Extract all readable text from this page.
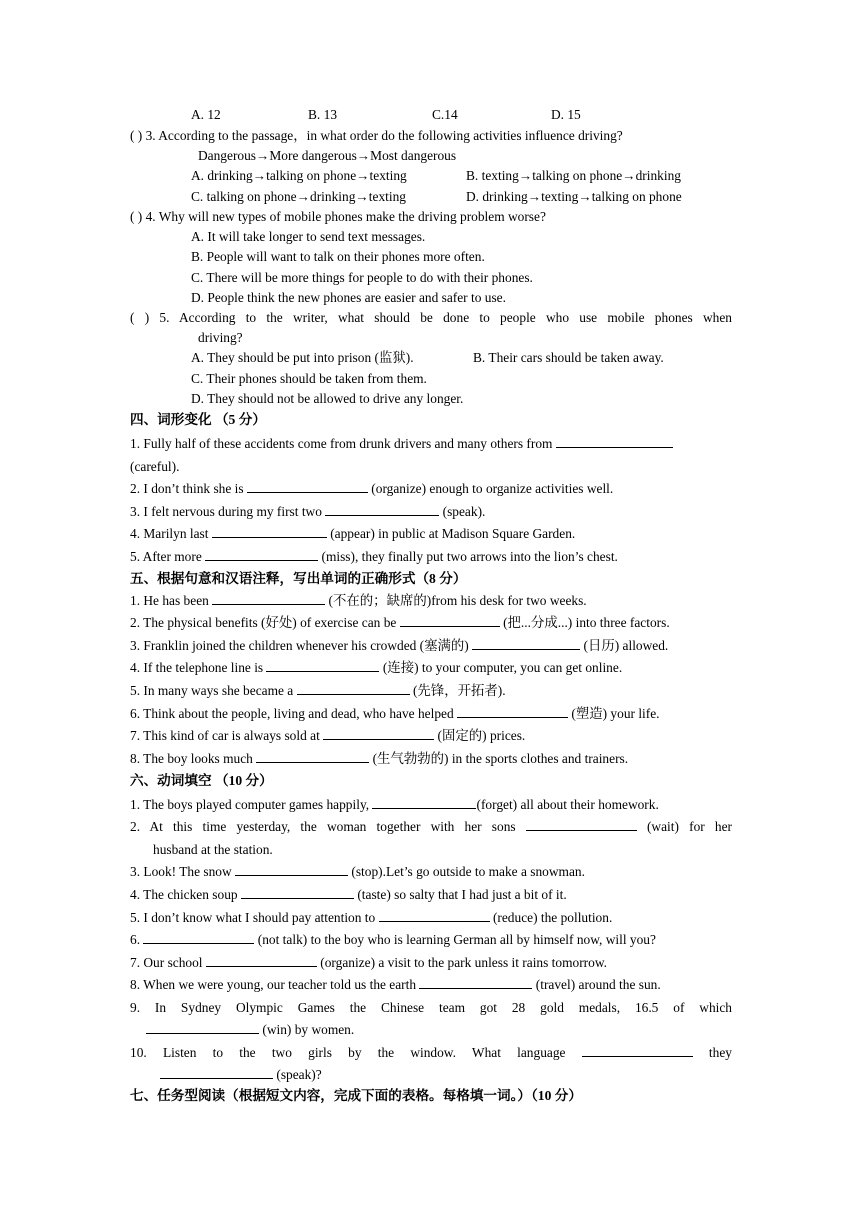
A. 12	B. 13	C.14	D. 15
( ) 3. According to the passage，in what order do the following activities influence driving?
Dangerous→More dangerous→Most dangerous
A. drinking→talking on phone→texting	B. texting→talking on phone→drinking
C. talking on phone→drinking→texting	D. drinking→texting→talking on phone
( ) 4. Why will new types of mobile phones make the driving problem worse?
A. It will take longer to send text messages.
B. People will want to talk on their phones more often.
C. There will be more things for people to do with their phones.
D. People think the new phones are easier and safer to use.
( ) 5. According to the writer, what should be done to people who use mobile phones when
driving?
A. They should be put into prison (监狱).	B. Their cars should be taken away.
C. Their phones should be taken from them.
D. They should not be allowed to drive any longer.
四、词形变化 （5 分）
1. Fully half of these accidents come from drunk drivers and many others from
(careful).
2. I don’t think she is	(organize) enough to organize activities well.
3. I felt nervous during my first two	(speak).
4. Marilyn last	(appear) in public at Madison Square Garden.
5. After more	(miss), they finally put two arrows into the lion’s chest.
五、根据句意和汉语注释，写出单词的正确形式（8 分）
1. He has been	(不在的；缺席的)from his desk for two weeks.
2. The physical benefits (好处) of exercise can be	(把...分成...) into three factors.
3. Franklin joined the children whenever his crowded (塞满的)	(日历) allowed.
4. If the telephone line is	(连接) to your computer, you can get online.
5. In many ways she became a	(先锋，开拓者).
6. Think about the people, living and dead, who have helped	(塑造) your life.
7. This kind of car is always sold at	(固定的) prices.
8. The boy looks much	(生气勃勃的) in the sports clothes and trainers.
六、动词填空 （10 分）
1. The boys played computer games happily,	(forget) all about their homework.
2. At this time yesterday, the woman together with her sons	(wait) for her
husband at the station.
3. Look! The snow	(stop).Let’s go outside to make a snowman.
4. The chicken soup	(taste) so salty that I had just a bit of it.
5. I don’t know what I should pay attention to	(reduce) the pollution.
6.	(not talk) to the boy who is learning German all by himself now, will you?
7. Our school	(organize) a visit to the park unless it rains tomorrow.
8. When we were young, our teacher told us the earth	(travel) around the sun.
9. In Sydney Olympic Games the Chinese team got 28 gold medals, 16.5 of which
(win) by women.
10. Listen to the two girls by the window. What language	they
(speak)?
七、任务型阅读（根据短文内容，完成下面的表格。每格填一词。）（10 分）
